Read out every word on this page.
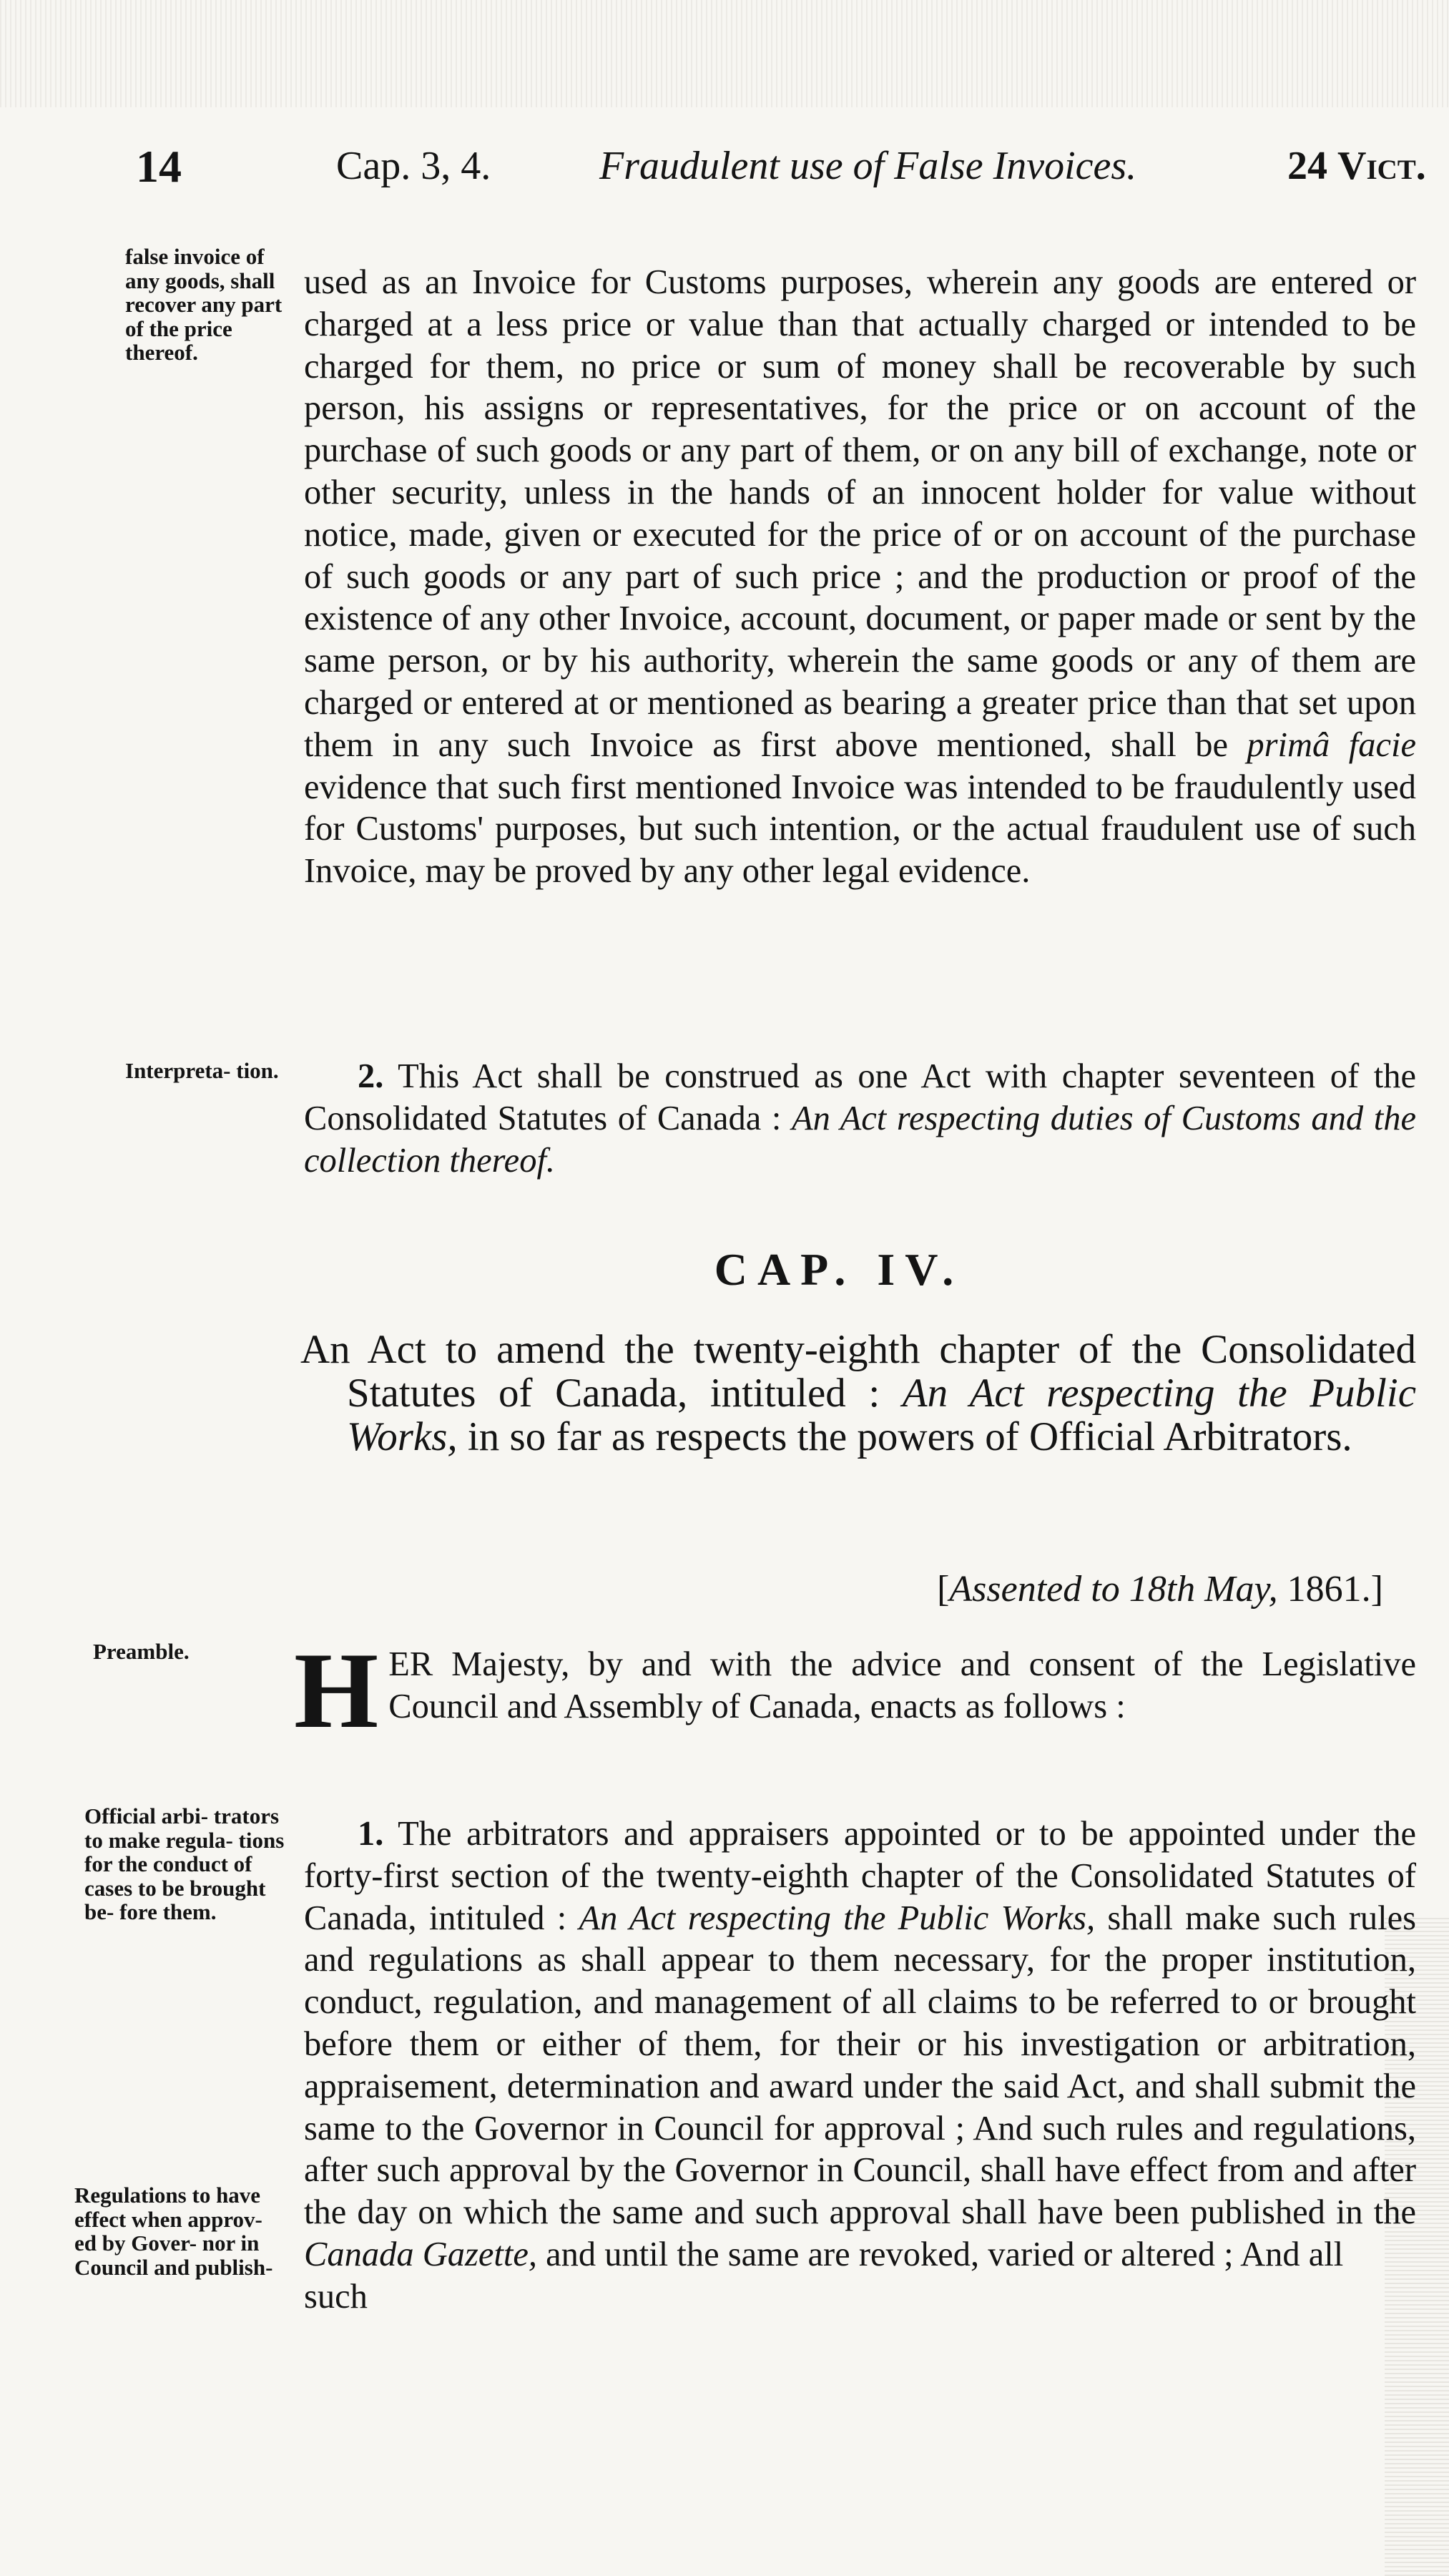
14	Cap. 3, 4.	Fraudulent use of False Invoices.	24 Vict.
false invoice of any goods, shall recover any part of the price thereof.
Interpreta- tion.
Preamble.
Official arbi- trators to make regula- tions for the conduct of cases to be brought be- fore them.
Regulations to have effect when approv- ed by Gover- nor in Council and publish-

used as an Invoice for Customs purposes, wherein any goods are entered or charged at a less price or value than that actually charged or intended to be charged for them, no price or sum of money shall be recoverable by such person, his assigns or representatives, for the price or on account of the purchase of such goods or any part of them, or on any bill of exchange, note or other security, unless in the hands of an innocent holder for value without notice, made, given or executed for the price of or on account of the purchase of such goods or any part of such price ; and the production or proof of the existence of any other Invoice, account, document, or paper made or sent by the same person, or by his authority, wherein the same goods or any of them are charged or entered at or mentioned as bearing a greater price than that set upon them in any such Invoice as first above mentioned, shall be primâ facie evidence that such first mentioned Invoice was intended to be fraudulently used for Customs' purposes, but such intention, or the actual fraudulent use of such Invoice, may be proved by any other legal evidence.

2. This Act shall be construed as one Act with chapter seventeen of the Consolidated Statutes of Canada : An Act respecting duties of Customs and the collection thereof.

CAP. IV.
An Act to amend the twenty-eighth chapter of the Consolidated Statutes of Canada, intituled : An Act respecting the Public Works, in so far as respects the powers of Official Arbitrators.
[Assented to 18th May, 1861.]

HER Majesty, by and with the advice and consent of the Legislative Council and Assembly of Canada, enacts as follows :

1. The arbitrators and appraisers appointed or to be appointed under the forty-first section of the twenty-eighth chapter of the Consolidated Statutes of Canada, intituled : An Act respecting the Public Works, shall make such rules and regulations as shall appear to them necessary, for the proper institution, conduct, regulation, and management of all claims to be referred to or brought before them or either of them, for their or his investigation or arbitration, appraisement, determination and award under the said Act, and shall submit the same to the Governor in Council for approval ; And such rules and regulations, after such approval by the Governor in Council, shall have effect from and after the day on which the same and such approval shall have been published in the Canada Gazette, and until the same are revoked, varied or altered ; And all

such
